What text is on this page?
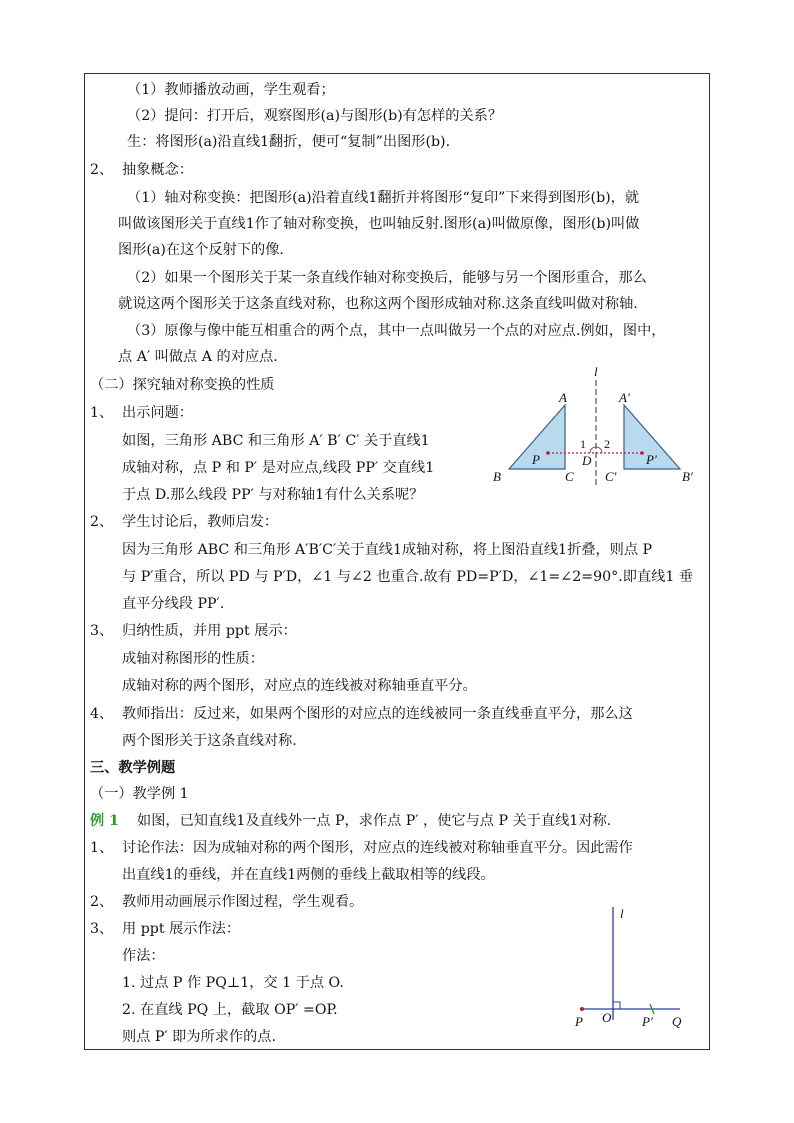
（1）教师播放动画，学生观看；
（2）提问：打开后，观察图形(a)与图形(b)有怎样的关系？
生：将图形(a)沿直线1翻折，便可“复制”出图形(b).
2、 抽象概念：
（1）轴对称变换：把图形(a)沿着直线1翻折并将图形“复印”下来得到图形(b)，就
叫做该图形关于直线1作了轴对称变换，也叫轴反射.图形(a)叫做原像，图形(b)叫做
图形(a)在这个反射下的像.
（2）如果一个图形关于某一条直线作轴对称变换后，能够与另一个图形重合，那么
就说这两个图形关于这条直线对称，也称这两个图形成轴对称.这条直线叫做对称轴.
（3）原像与像中能互相重合的两个点，其中一点叫做另一个点的对应点.例如，图中，
点 A′ 叫做点 A 的对应点.
（二）探究轴对称变换的性质
1、 出示问题：
如图，三角形 ABC 和三角形 A′ B′ C′ 关于直线1
成轴对称，点 P 和 P′ 是对应点,线段 PP′ 交直线1
于点 D.那么线段 PP′ 与对称轴1有什么关系呢？
l
A	A′
B	C
D
C′	B′
P	P′
1 2
2、 学生讨论后，教师启发：
因为三角形 ABC 和三角形 A′B′C′关于直线1成轴对称，将上图沿直线1折叠，则点 P
与 P′重合，所以 PD 与 P′D，∠1 与∠2 也重合.故有 PD=P′D，∠1=∠2=90°.即直线1 垂
直平分线段 PP′.
3、 归纳性质，并用 ppt 展示：
成轴对称图形的性质：
成轴对称的两个图形，对应点的连线被对称轴垂直平分。
4、 教师指出：反过来，如果两个图形的对应点的连线被同一条直线垂直平分，那么这
两个图形关于这条直线对称.
三、教学例题
（一）教学例 1
例 1 如图，已知直线1及直线外一点 P，求作点 P′ ，使它与点 P 关于直线1对称.
1、 讨论作法：因为成轴对称的两个图形，对应点的连线被对称轴垂直平分。因此需作
出直线1的垂线，并在直线1两侧的垂线上截取相等的线段。
2、 教师用动画展示作图过程，学生观看。
3、 用 ppt 展示作法：
作法：
1. 过点 P 作 PQ⊥1，交 1 于点 O.
2. 在直线 PQ 上，截取 OP′ =OP.
则点 P′ 即为所求作的点.
l
P O P′ Q
